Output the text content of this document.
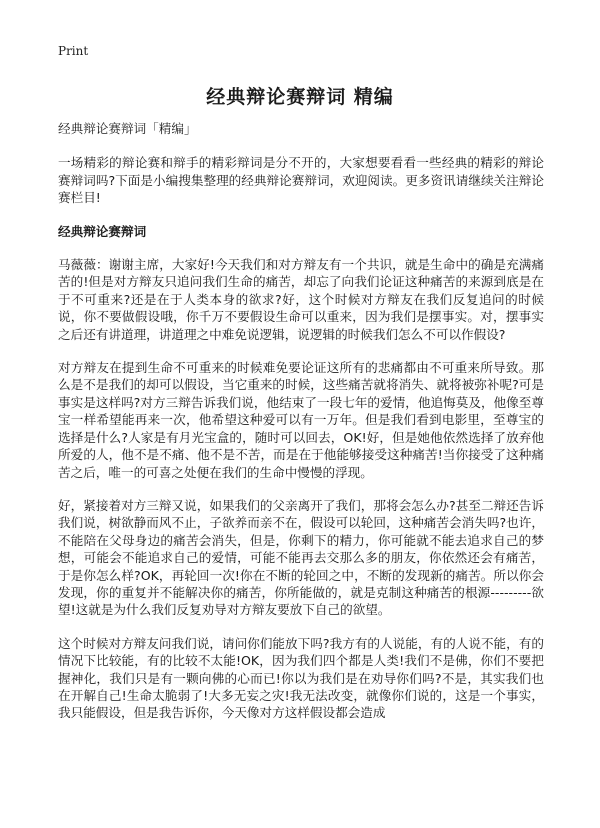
Print
经典辩论赛辩词 精编

经典辩论赛辩词「精编」

一场精彩的辩论赛和辩手的精彩辩词是分不开的，大家想要看看一些经典的精彩的辩论赛辩词吗?下面是小编搜集整理的经典辩论赛辩词，欢迎阅读。更多资讯请继续关注辩论赛栏目!

经典辩论赛辩词

马薇薇：谢谢主席，大家好!今天我们和对方辩友有一个共识，就是生命中的确是充满痛苦的!但是对方辩友只追问我们生命的痛苦，却忘了向我们论证这种痛苦的来源到底是在于不可重来?还是在于人类本身的欲求?好，这个时候对方辩友在我们反复追问的时候说，你不要做假设哦，你千万不要假设生命可以重来，因为我们是摆事实。对，摆事实之后还有讲道理，讲道理之中难免说逻辑，说逻辑的时候我们怎么不可以作假设?

对方辩友在提到生命不可重来的时候难免要论证这所有的悲痛都由不可重来所导致。那么是不是我们的却可以假设，当它重来的时候，这些痛苦就将消失、就将被弥补呢?可是事实是这样吗?对方三辩告诉我们说，他结束了一段七年的爱情，他追悔莫及，他像至尊宝一样希望能再来一次，他希望这种爱可以有一万年。但是我们看到电影里，至尊宝的选择是什么?人家是有月光宝盒的，随时可以回去，OK!好，但是她他依然选择了放弃他所爱的人，他不是不痛、他不是不苦，而是在于他能够接受这种痛苦!当你接受了这种痛苦之后，唯一的可喜之处便在我们的生命中慢慢的浮现。

好，紧接着对方三辩又说，如果我们的父亲离开了我们，那将会怎么办?甚至二辩还告诉我们说，树欲静而风不止，子欲养而亲不在，假设可以轮回，这种痛苦会消失吗?也许，不能陪在父母身边的痛苦会消失，但是，你剩下的精力，你可能就不能去追求自己的梦想，可能会不能追求自己的爱情，可能不能再去交那么多的朋友，你依然还会有痛苦，于是你怎么样?OK，再轮回一次!你在不断的轮回之中，不断的发现新的痛苦。所以你会发现，你的重复并不能解决你的痛苦，你所能做的，就是克制这种痛苦的根源---------欲望!这就是为什么我们反复劝导对方辩友要放下自己的欲望。

这个时候对方辩友问我们说，请问你们能放下吗?我方有的人说能，有的人说不能，有的情况下比较能，有的比较不太能!OK，因为我们四个都是人类!我们不是佛，你们不要把握神化，我们只是有一颗向佛的心而已!你以为我们是在劝导你们吗?不是，其实我们也在开解自己!生命太脆弱了!大多无妄之灾!我无法改变，就像你们说的，这是一个事实，我只能假设，但是我告诉你，今天像对方这样假设都会造成
